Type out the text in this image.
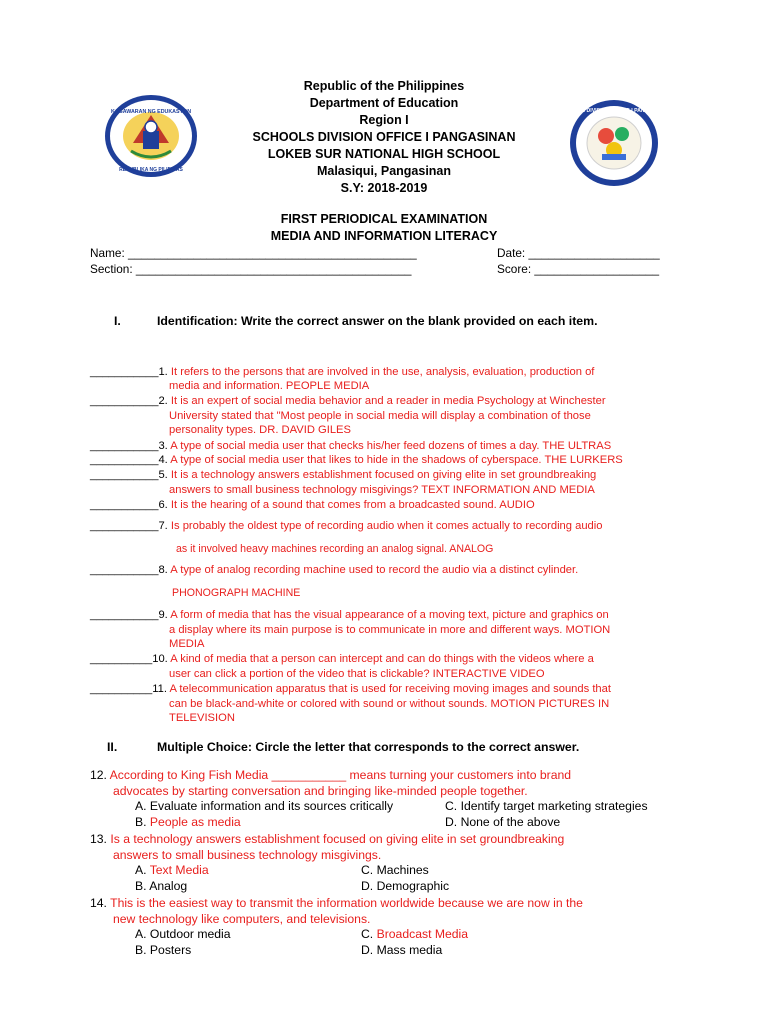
KAGAWARAN NG EDUKASYON
REPUBLIKA NG PILIPINAS
SCHOOLS DIVISION OFFICE I PANGASINAN
Republic of the Philippines
Department of Education
Region I
SCHOOLS DIVISION OFFICE I PANGASINAN
LOKEB SUR NATIONAL HIGH SCHOOL
Malasiqui, Pangasinan
S.Y: 2018-2019
FIRST PERIODICAL EXAMINATION
MEDIA AND INFORMATION LITERACY
Name: ____________________________________________	Date: ____________________
Section: __________________________________________	Score: ___________________
I.	Identification: Write the correct answer on the blank provided on each item.
___________1. It refers to the persons that are involved in the use, analysis, evaluation, production of
media and information. PEOPLE MEDIA
___________2. It is an expert of social media behavior and a reader in media Psychology at Winchester
University stated that "Most people in social media will display a combination of those
personality types. DR. DAVID GILES
___________3. A type of social media user that checks his/her feed dozens of times a day. THE ULTRAS
___________4. A type of social media user that likes to hide in the shadows of cyberspace. THE LURKERS
___________5. It is a technology answers establishment focused on giving elite in set groundbreaking
answers to small business technology misgivings? TEXT INFORMATION AND MEDIA
___________6. It is the hearing of a sound that comes from a broadcasted sound. AUDIO
___________7. Is probably the oldest type of recording audio when it comes actually to recording audio
as it involved heavy machines recording an analog signal. ANALOG
___________8. A type of analog recording machine used to record the audio via a distinct cylinder.
PHONOGRAPH MACHINE
___________9. A form of media that has the visual appearance of a moving text, picture and graphics on
a display where its main purpose is to communicate in more and different ways. MOTION
MEDIA
__________10. A kind of media that a person can intercept and can do things with the videos where a
user can click a portion of the video that is clickable? INTERACTIVE VIDEO
__________11. A telecommunication apparatus that is used for receiving moving images and sounds that
can be black-and-white or colored with sound or without sounds. MOTION PICTURES IN
TELEVISION
II.	Multiple Choice: Circle the letter that corresponds to the correct answer.
12. According to King Fish Media ___________ means turning your customers into brand
advocates by starting conversation and bringing like-minded people together.
A. Evaluate information and its sources critically	C. Identify target marketing strategies
B. People as media	D. None of the above
13. Is a technology answers establishment focused on giving elite in set groundbreaking
answers to small business technology misgivings.
A. Text Media	C. Machines
B. Analog	D. Demographic
14. This is the easiest way to transmit the information worldwide because we are now in the
new technology like computers, and televisions.
A. Outdoor media	C. Broadcast Media
B. Posters	D. Mass media
